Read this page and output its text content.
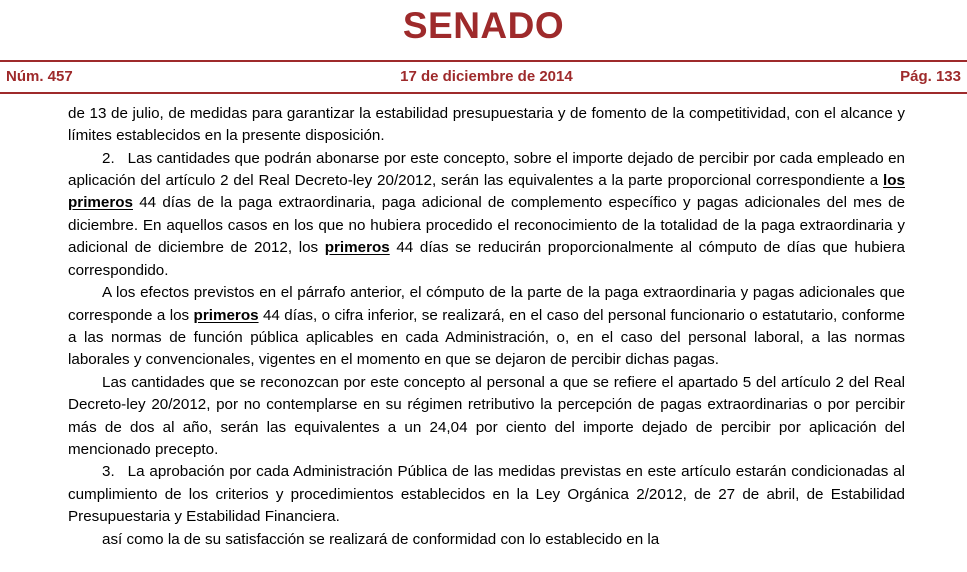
SENADO
Núm. 457	17 de diciembre de 2014	Pág. 133

de 13 de julio, de medidas para garantizar la estabilidad presupuestaria y de fomento de la competitividad, con el alcance y límites establecidos en la presente disposición.

2. Las cantidades que podrán abonarse por este concepto, sobre el importe dejado de percibir por cada empleado en aplicación del artículo 2 del Real Decreto-ley 20/2012, serán las equivalentes a la parte proporcional correspondiente a los primeros 44 días de la paga extraordinaria, paga adicional de complemento específico y pagas adicionales del mes de diciembre. En aquellos casos en los que no hubiera procedido el reconocimiento de la totalidad de la paga extraordinaria y adicional de diciembre de 2012, los primeros 44 días se reducirán proporcionalmente al cómputo de días que hubiera correspondido.

A los efectos previstos en el párrafo anterior, el cómputo de la parte de la paga extraordinaria y pagas adicionales que corresponde a los primeros 44 días, o cifra inferior, se realizará, en el caso del personal funcionario o estatutario, conforme a las normas de función pública aplicables en cada Administración, o, en el caso del personal laboral, a las normas laborales y convencionales, vigentes en el momento en que se dejaron de percibir dichas pagas.

Las cantidades que se reconozcan por este concepto al personal a que se refiere el apartado 5 del artículo 2 del Real Decreto-ley 20/2012, por no contemplarse en su régimen retributivo la percepción de pagas extraordinarias o por percibir más de dos al año, serán las equivalentes a un 24,04 por ciento del importe dejado de percibir por aplicación del mencionado precepto.

3. La aprobación por cada Administración Pública de las medidas previstas en este artículo estarán condicionadas al cumplimiento de los criterios y procedimientos establecidos en la Ley Orgánica 2/2012, de 27 de abril, de Estabilidad Presupuestaria y Estabilidad Financiera.

así como la de su satisfacción se realizará de conformidad con lo establecido en la
